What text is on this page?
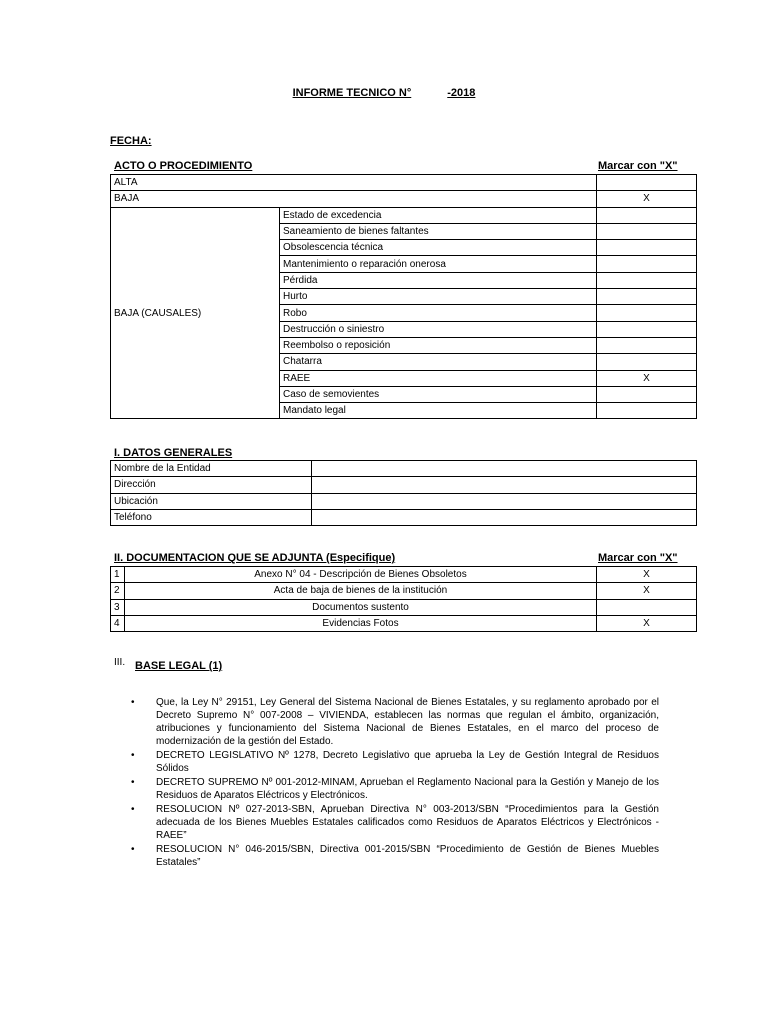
INFORME TECNICO N°	-2018
FECHA:
ACTO O PROCEDIMIENTO	Marcar con "X"
ALTA		
BAJA		X
BAJA (CAUSALES)	Estado de excedencia	
	Saneamiento de bienes faltantes	
	Obsolescencia técnica	
	Mantenimiento o reparación onerosa	
	Pérdida	
	Hurto	
	Robo	
	Destrucción o siniestro	
	Reembolso o reposición	
	Chatarra	
	RAEE	X
	Caso de semovientes	
	Mandato legal	
I. DATOS GENERALES
Nombre de la Entidad	
Dirección	
Ubicación	
Teléfono	
II. DOCUMENTACION QUE SE ADJUNTA (Especifique)	Marcar con "X"
1	Anexo N° 04 - Descripción de Bienes Obsoletos	X
2	Acta de baja de bienes de la institución	X
3	Documentos sustento	
4	Evidencias Fotos	X
III. BASE LEGAL (1)
• Que, la Ley N° 29151, Ley General del Sistema Nacional de Bienes Estatales, y su reglamento aprobado por el Decreto Supremo N° 007-2008 – VIVIENDA, establecen las normas que regulan el ámbito, organización, atribuciones y funcionamiento del Sistema Nacional de Bienes Estatales, en el marco del proceso de modernización de la gestión del Estado.
• DECRETO LEGISLATIVO Nº 1278, Decreto Legislativo que aprueba la Ley de Gestión Integral de Residuos Sólidos
• DECRETO SUPREMO Nº 001-2012-MINAM, Aprueban el Reglamento Nacional para la Gestión y Manejo de los Residuos de Aparatos Eléctricos y Electrónicos.
• RESOLUCION Nº 027-2013-SBN, Aprueban Directiva N° 003-2013/SBN “Procedimientos para la Gestión adecuada de los Bienes Muebles Estatales calificados como Residuos de Aparatos Eléctricos y Electrónicos - RAEE”
• RESOLUCION N° 046-2015/SBN, Directiva 001-2015/SBN “Procedimiento de Gestión de Bienes Muebles Estatales”
